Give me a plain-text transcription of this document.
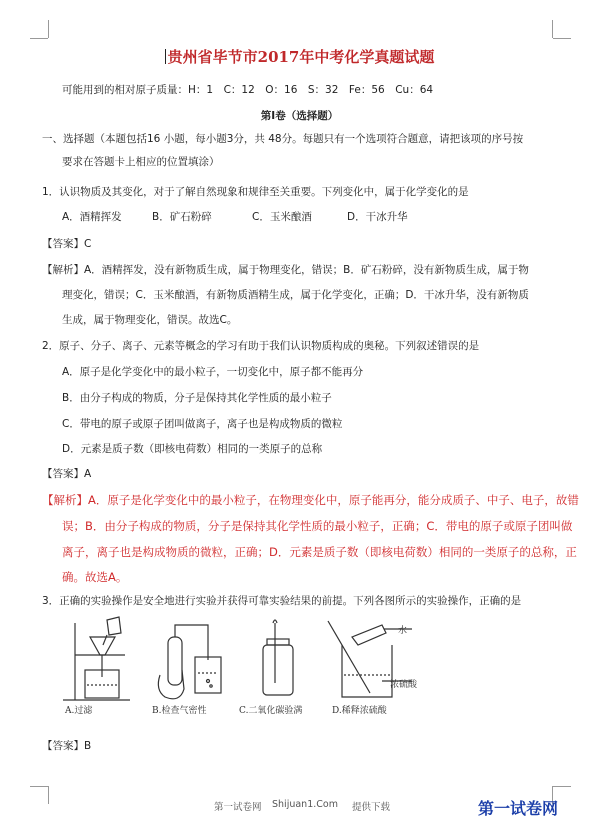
贵州省毕节市2017年中考化学真题试题
可能用到的相对原子质量：H：1　C：12　O：16　S：32　Fe：56　Cu：64
第Ⅰ卷（选择题）
一、选择题（本题包括16 小题，每小题3分，共 48分。每题只有一个选项符合题意，请把该项的序号按
要求在答题卡上相应的位置填涂）
1．认识物质及其变化，对于了解自然现象和规律至关重要。下列变化中，属于化学变化的是
A．酒精挥发	B．矿石粉碎	C．玉米酿酒	D．干冰升华
【答案】C
【解析】A．酒精挥发，没有新物质生成，属于物理变化，错误；B．矿石粉碎，没有新物质生成，属于物
理变化，错误；C．玉米酿酒，有新物质酒精生成，属于化学变化，正确；D．干冰升华，没有新物质
生成，属于物理变化，错误。故选C。
2．原子、分子、离子、元素等概念的学习有助于我们认识物质构成的奥秘。下列叙述错误的是
A．原子是化学变化中的最小粒子，一切变化中，原子都不能再分
B．由分子构成的物质，分子是保持其化学性质的最小粒子
C．带电的原子或原子团叫做离子，离子也是构成物质的微粒
D．元素是质子数（即核电荷数）相同的一类原子的总称
【答案】A
【解析】A．原子是化学变化中的最小粒子，在物理变化中，原子能再分，能分成质子、中子、电子，故错
误；B．由分子构成的物质，分子是保持其化学性质的最小粒子，正确；C．带电的原子或原子团叫做
离子，离子也是构成物质的微粒，正确；D．元素是质子数（即核电荷数）相同的一类原子的总称，正
确。故选A。
3．正确的实验操作是安全地进行实验并获得可靠实验结果的前提。下列各图所示的实验操作，正确的是
A.过滤	B.检查气密性	C.二氧化碳验满
水
浓硫酸
D.稀释浓硫酸
【答案】B
第一试卷网 Shijuan1.Com 提供下载	第一试卷网
